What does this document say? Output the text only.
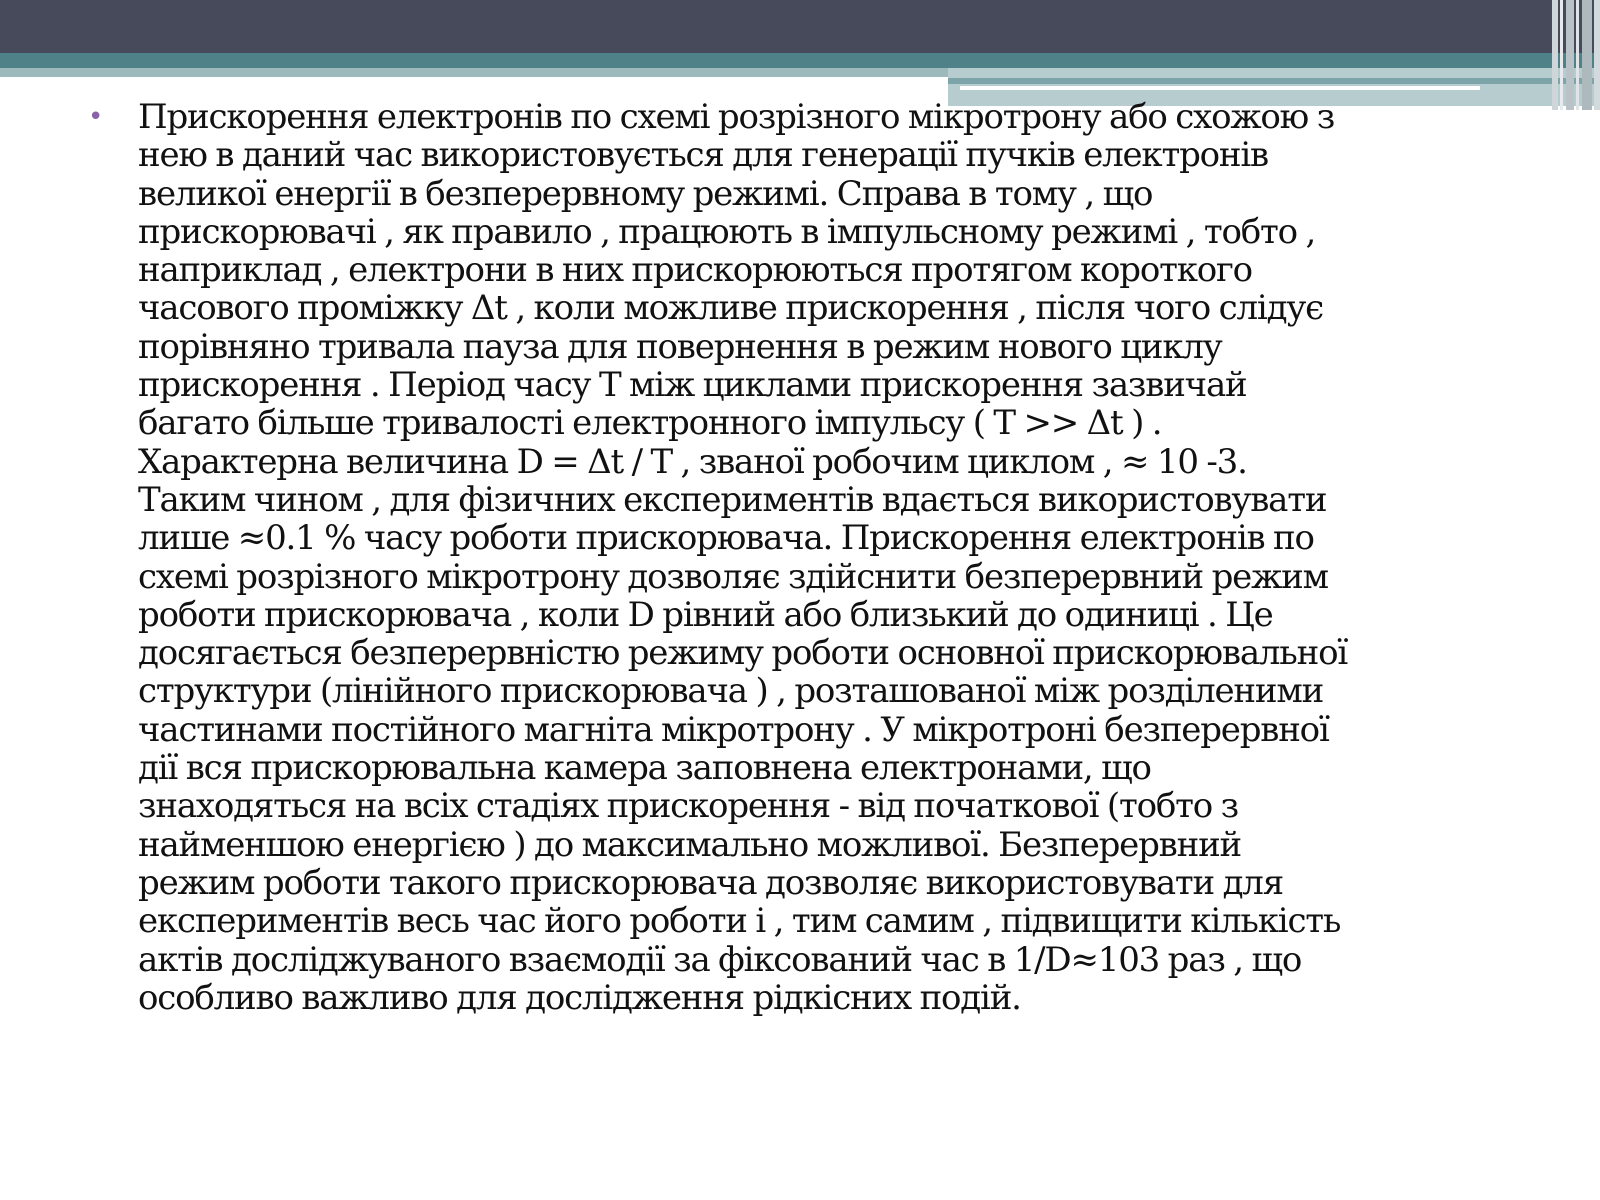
• Прискорення електронів по схемі розрізного мікротрону або схожою з
нею в даний час використовується для генерації пучків електронів
великої енергії в безперервному режимі. Справа в тому , що
прискорювачі , як правило , працюють в імпульсному режимі , тобто ,
наприклад , електрони в них прискорюються протягом короткого
часового проміжку Δt , коли можливе прискорення , після чого слідує
порівняно тривала пауза для повернення в режим нового циклу
прискорення . Період часу T між циклами прискорення зазвичай
багато більше тривалості електронного імпульсу ( T >> Δt ) .
Характерна величина D = Δt / T , званої робочим циклом , ≈ 10 -3.
Таким чином , для фізичних експериментів вдається використовувати
лише ≈0.1 % часу роботи прискорювача. Прискорення електронів по
схемі розрізного мікротрону дозволяє здійснити безперервний режим
роботи прискорювача , коли D рівний або близький до одиниці . Це
досягається безперервністю режиму роботи основної прискорювальної
структури (лінійного прискорювача ) , розташованої між розділеними
частинами постійного магніта мікротрону . У мікротроні безперервної
дії вся прискорювальна камера заповнена електронами, що
знаходяться на всіх стадіях прискорення - від початкової (тобто з
найменшою енергією ) до максимально можливої. Безперервний
режим роботи такого прискорювача дозволяє використовувати для
експериментів весь час його роботи і , тим самим , підвищити кількість
актів досліджуваного взаємодії за фіксований час в 1/D≈103 раз , що
особливо важливо для дослідження рідкісних подій.
